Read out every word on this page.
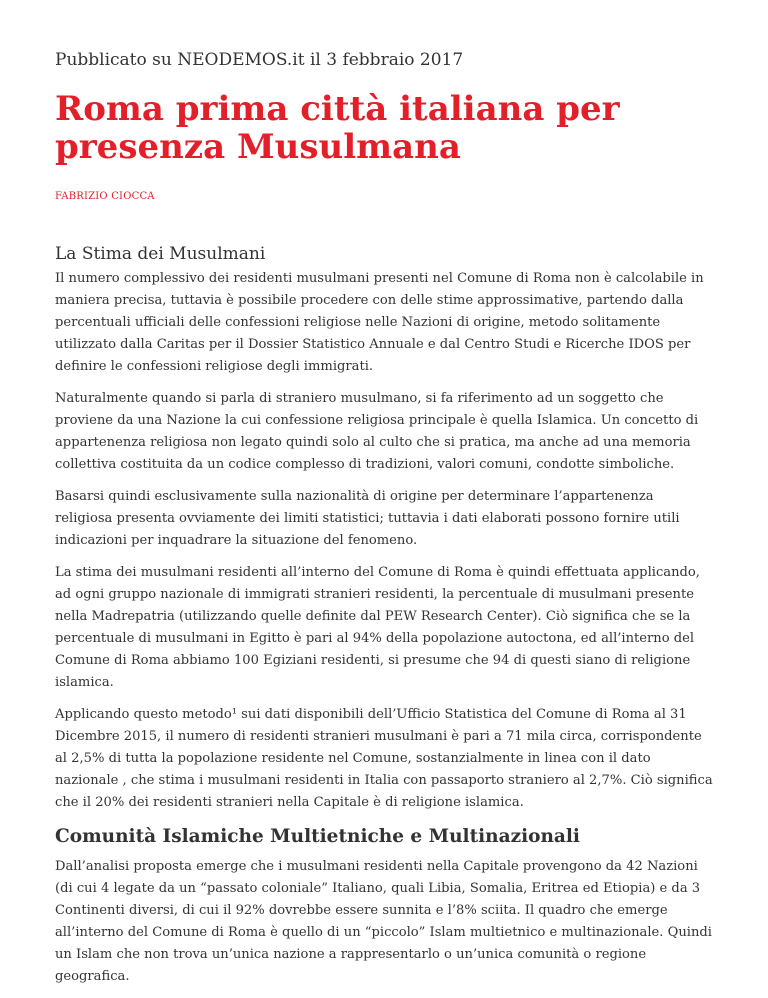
Pubblicato su NEODEMOS.it il 3 febbraio 2017

Roma prima città italiana per presenza Musulmana

FABRIZIO CIOCCA

La Stima dei Musulmani

Il numero complessivo dei residenti musulmani presenti nel Comune di Roma non è calcolabile in maniera precisa, tuttavia è possibile procedere con delle stime approssimative, partendo dalla percentuali ufficiali delle confessioni religiose nelle Nazioni di origine, metodo solitamente utilizzato dalla Caritas per il Dossier Statistico Annuale e dal Centro Studi e Ricerche IDOS per definire le confessioni religiose degli immigrati.

Naturalmente quando si parla di straniero musulmano, si fa riferimento ad un soggetto che proviene da una Nazione la cui confessione religiosa principale è quella Islamica. Un concetto di appartenenza religiosa non legato quindi solo al culto che si pratica, ma anche ad una memoria collettiva costituita da un codice complesso di tradizioni, valori comuni, condotte simboliche.

Basarsi quindi esclusivamente sulla nazionalità di origine per determinare l’appartenenza religiosa presenta ovviamente dei limiti statistici; tuttavia i dati elaborati possono fornire utili indicazioni per inquadrare la situazione del fenomeno.

La stima dei musulmani residenti all’interno del Comune di Roma è quindi effettuata applicando, ad ogni gruppo nazionale di immigrati stranieri residenti, la percentuale di musulmani presente nella Madrepatria (utilizzando quelle definite dal PEW Research Center). Ciò significa che se la percentuale di musulmani in Egitto è pari al 94% della popolazione autoctona, ed all’interno del Comune di Roma abbiamo 100 Egiziani residenti, si presume che 94 di questi siano di religione islamica.

Applicando questo metodo¹ sui dati disponibili dell’Ufficio Statistica del Comune di Roma al 31 Dicembre 2015, il numero di residenti stranieri musulmani è pari a 71 mila circa, corrispondente al 2,5% di tutta la popolazione residente nel Comune, sostanzialmente in linea con il dato nazionale , che stima i musulmani residenti in Italia con passaporto straniero al 2,7%. Ciò significa che il 20% dei residenti stranieri nella Capitale è di religione islamica.

Comunità Islamiche Multietniche e Multinazionali

Dall’analisi proposta emerge che i musulmani residenti nella Capitale provengono da 42 Nazioni (di cui 4 legate da un “passato coloniale” Italiano, quali Libia, Somalia, Eritrea ed Etiopia) e da 3 Continenti diversi, di cui il 92% dovrebbe essere sunnita e l’8% sciita. Il quadro che emerge all’interno del Comune di Roma è quello di un “piccolo” Islam multietnico e multinazionale. Quindi un Islam che non trova un’unica nazione a rappresentarlo o un’unica comunità o regione geografica.
